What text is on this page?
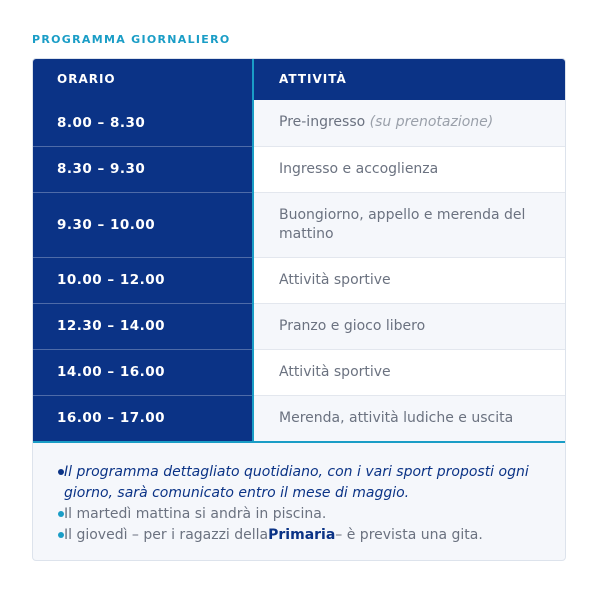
PROGRAMMA GIORNALIERO
ORARIO	ATTIVITÀ
8.00 – 8.30	Pre-ingresso (su prenotazione)
8.30 – 9.30	Ingresso e accoglienza
9.30 – 10.00	Buongiorno, appello e merenda del mattino
10.00 – 12.00	Attività sportive
12.30 – 14.00	Pranzo e gioco libero
14.00 – 16.00	Attività sportive
16.00 – 17.00	Merenda, attività ludiche e uscita
Il programma dettagliato quotidiano, con i vari sport proposti ogni giorno, sarà comunicato entro il mese di maggio.
Il martedì mattina si andrà in piscina.
Il giovedì – per i ragazzi dellaPrimaria– è prevista una gita.
